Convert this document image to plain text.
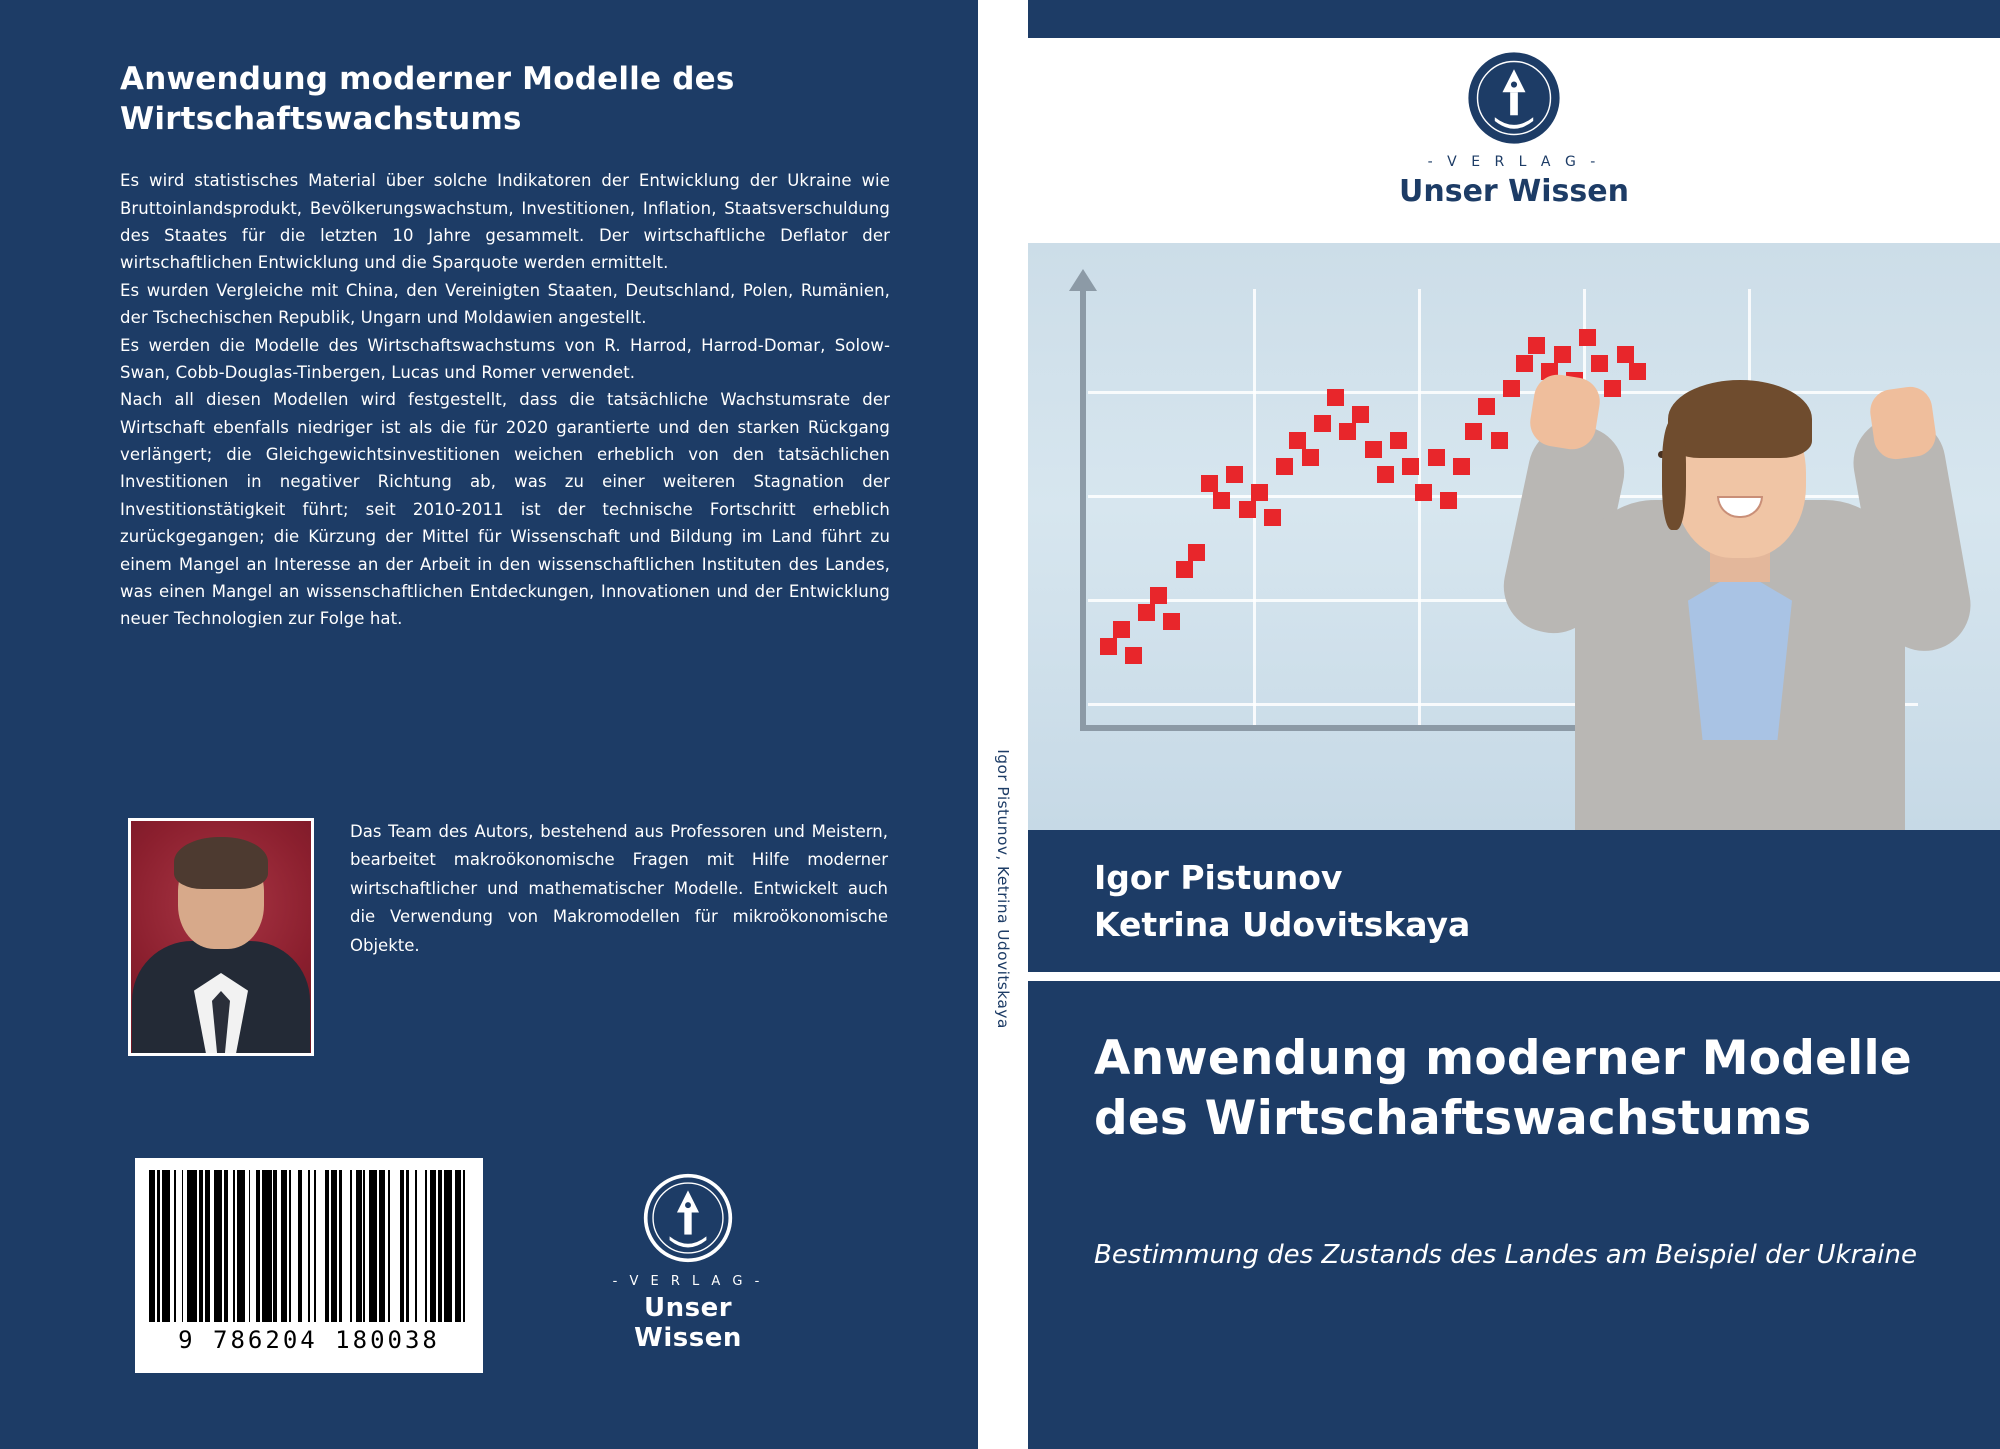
Anwendung moderner Modelle des Wirtschaftswachstums

Es wird statistisches Material über solche Indikatoren der Entwicklung der Ukraine wie Bruttoinlandsprodukt, Bevölkerungswachstum, Investitionen, Inflation, Staatsverschuldung des Staates für die letzten 10 Jahre gesammelt. Der wirtschaftliche Deflator der wirtschaftlichen Entwicklung und die Sparquote werden ermittelt.

Es wurden Vergleiche mit China, den Vereinigten Staaten, Deutschland, Polen, Rumänien, der Tschechischen Republik, Ungarn und Moldawien angestellt.

Es werden die Modelle des Wirtschaftswachstums von R. Harrod, Harrod-Domar, Solow-Swan, Cobb-Douglas-Tinbergen, Lucas und Romer verwendet.

Nach all diesen Modellen wird festgestellt, dass die tatsächliche Wachstumsrate der Wirtschaft ebenfalls niedriger ist als die für 2020 garantierte und den starken Rückgang verlängert; die Gleichgewichtsinvestitionen weichen erheblich von den tatsächlichen Investitionen in negativer Richtung ab, was zu einer weiteren Stagnation der Investitionstätigkeit führt; seit 2010-2011 ist der technische Fortschritt erheblich zurückgegangen; die Kürzung der Mittel für Wissenschaft und Bildung im Land führt zu einem Mangel an Interesse an der Arbeit in den wissenschaftlichen Instituten des Landes, was einen Mangel an wissenschaftlichen Entdeckungen, Innovationen und der Entwicklung neuer Technologien zur Folge hat.

Das Team des Autors, bestehend aus Professoren und Meistern, bearbeitet makroökonomische Fragen mit Hilfe moderner wirtschaftlicher und mathematischer Modelle. Entwickelt auch die Verwendung von Makromodellen für mikroökonomische Objekte.
9 786204 180038
- V E R L A G -
Unser Wissen
Igor Pistunov, Ketrina Udovitskaya
- V E R L A G -
Unser Wissen
Igor Pistunov
Ketrina Udovitskaya
Anwendung moderner Modelle des Wirtschaftswachstums
Bestimmung des Zustands des Landes am Beispiel der Ukraine
